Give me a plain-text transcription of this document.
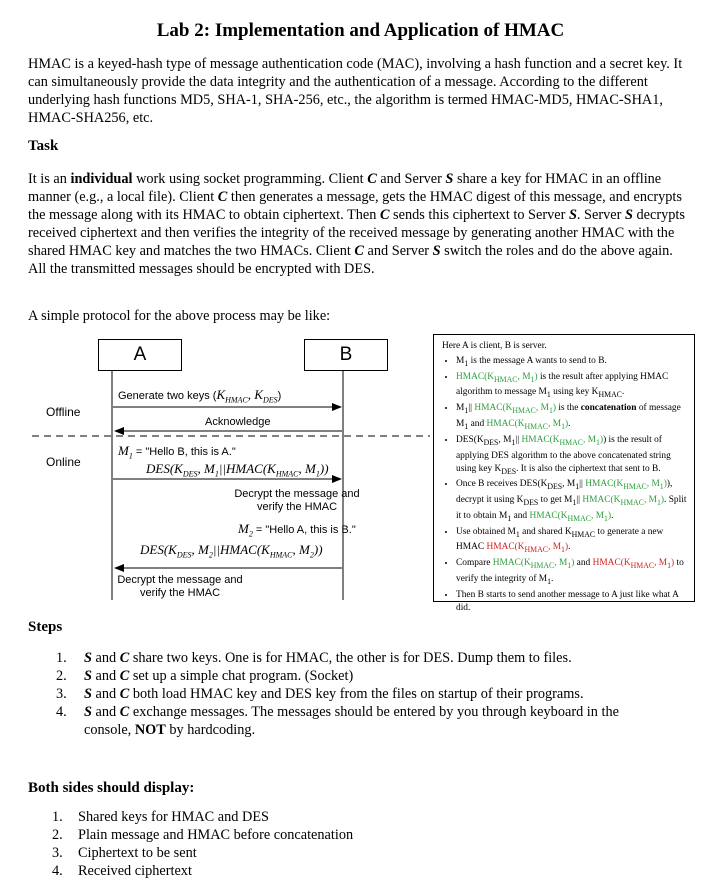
Lab 2: Implementation and Application of HMAC
HMAC is a keyed-hash type of message authentication code (MAC), involving a hash function and a secret key. It can simultaneously provide the data integrity and the authentication of a message. According to the different underlying hash functions MD5, SHA-1, SHA-256, etc., the algorithm is termed HMAC-MD5, HMAC-SHA1, HMAC-SHA256, etc.
Task
It is an individual work using socket programming. Client C and Server S share a key for HMAC in an offline manner (e.g., a local file). Client C then generates a message, gets the HMAC digest of this message, and encrypts the message along with its HMAC to obtain ciphertext. Then C sends this ciphertext to Server S. Server S decrypts received ciphertext and then verifies the integrity of the received message by generating another HMAC with the shared HMAC key and matches the two HMACs. Client C and Server S switch the roles and do the above again. All the transmitted messages should be encrypted with DES.
A simple protocol for the above process may be like:
A	B
Offline
Online
Generate two keys ($K_{HMAC}$, $K_{DES}$)
Acknowledge
$M_1$ = "Hello B, this is A."
$DES(K_{DES}$, $M_1||HMAC(K_{HMAC}$, $M_1$))
Decrypt the message and
verify the HMAC
$M_2$ = "Hello A, this is B."
$DES(K_{DES}$, $M_2||HMAC(K_{HMAC}$, $M_2$))
Decrypt the message and
verify the HMAC
Here A is client, B is server.
• $M_1$ is the message A wants to send to B.
• $HMAC(K_{HMAC}$, $M_1$) is the result after applying HMAC algorithm to message $M_1$ using key $K_{HMAC}$.
• $M_1||$ $HMAC(K_{HMAC}$, $M_1$) is the concatenation of message $M_1$ and $HMAC(K_{HMAC}$, $M_1$).
• $DES(K_{DES}$, $M_1||$ $HMAC(K_{HMAC}$, $M_1$)) is the result of applying DES algorithm to the above concatenated string using key $K_{DES}$. It is also the ciphertext that sent to B.
• Once B receives $DES(K_{DES}$, $M_1||$ $HMAC(K_{HMAC}$, $M_1$)), decrypt it using $K_{DES}$ to get $M_1||$ $HMAC(K_{HMAC}$, $M_1$). Split it to obtain $M_1$ and $HMAC(K_{HMAC}$, $M_1$).
• Use obtained $M_1$ and shared $K_{HMAC}$ to generate a new HMAC $HMAC(K_{HMAC}$, $M_1$).
• Compare $HMAC(K_{HMAC}$, $M_1$) and $HMAC(K_{HMAC}$, $M_1$) to verify the integrity of $M_1$.
• Then B starts to send another message to A just like what A did.
Steps
1.	S and C share two keys. One is for HMAC, the other is for DES. Dump them to files.
2.	S and C set up a simple chat program. (Socket)
3.	S and C both load HMAC key and DES key from the files on startup of their programs.
4.	S and C exchange messages. The messages should be entered by you through keyboard in the console, NOT by hardcoding.
Both sides should display:
1.	Shared keys for HMAC and DES
2.	Plain message and HMAC before concatenation
3.	Ciphertext to be sent
4.	Received ciphertext
